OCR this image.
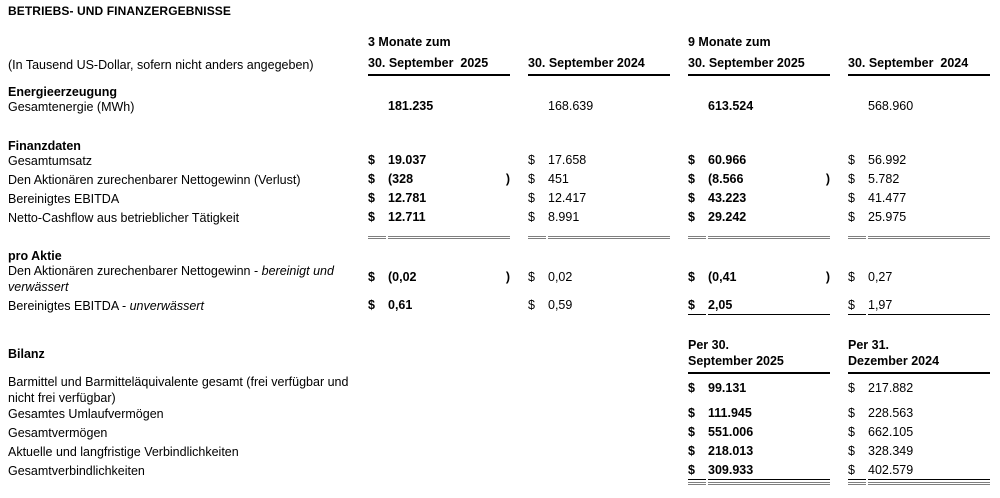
BETRIEBS- UND FINANZERGEBNISSE
3 Monate zum	9 Monate zum
(In Tausend US-Dollar, sofern nicht anders angegeben)	30. September  2025	30. September 2024	30. September 2025	30. September  2024
Energieerzeugung
Gesamtenergie (MWh)	181.235	168.639	613.524	568.960
Finanzdaten
Gesamtumsatz	$	19.037	$	17.658	$	60.966	$	56.992
Den Aktionären zurechenbarer Nettogewinn (Verlust)	$	(328	) $	451	$	(8.566	) $	5.782
Bereinigtes EBITDA	$	12.781	$	12.417	$	43.223	$	41.477
Netto-Cashflow aus betrieblicher Tätigkeit	$	12.711	$	8.991	$	29.242	$	25.975
pro Aktie
Den Aktionären zurechenbarer Nettogewinn - bereinigt und verwässert
$	(0,02	) $	0,02	$	(0,41	) $	0,27
Bereinigtes EBITDA - unverwässert	$	0,61	$	0,59	$	2,05	$	1,97
Bilanz
Per 30.
September 2025
Per 31.
Dezember 2024
Barmittel und Barmitteläquivalente gesamt (frei verfügbar und nicht frei verfügbar)
$	99.131	$	217.882
Gesamtes Umlaufvermögen	$	111.945	$	228.563
Gesamtvermögen	$	551.006	$	662.105
Aktuelle und langfristige Verbindlichkeiten	$	218.013	$	328.349
Gesamtverbindlichkeiten	$	309.933	$	402.579
